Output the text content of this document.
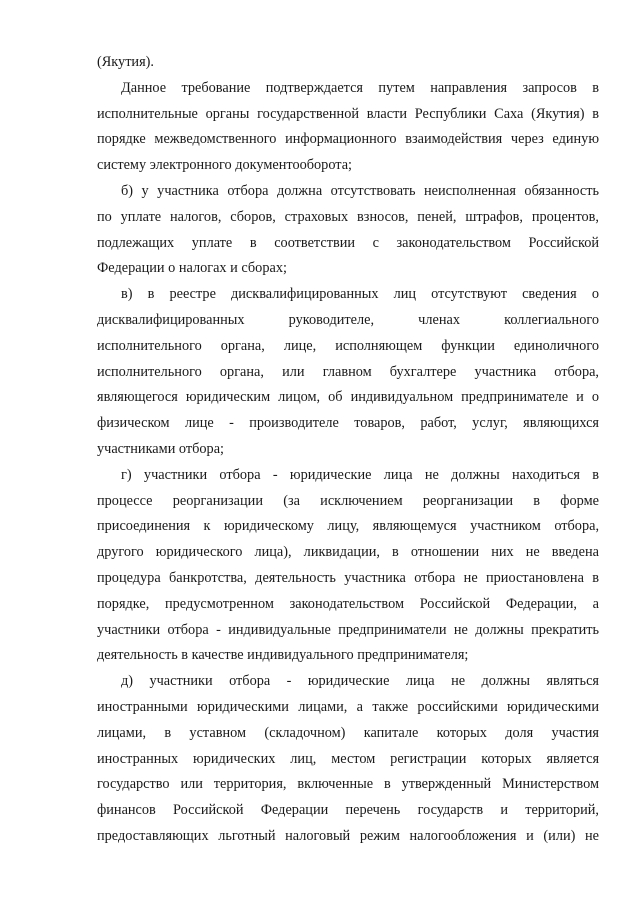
(Якутия).
Данное требование подтверждается путем направления запросов в
исполнительные органы государственной власти Республики Саха (Якутия) в
порядке межведомственного информационного взаимодействия через единую
систему электронного документооборота;
б) у участника отбора должна отсутствовать неисполненная обязанность
по уплате налогов, сборов, страховых взносов, пеней, штрафов, процентов,
подлежащих уплате в соответствии с законодательством Российской
Федерации о налогах и сборах;
в) в реестре дисквалифицированных лиц отсутствуют сведения о
дисквалифицированных руководителе, членах коллегиального
исполнительного органа, лице, исполняющем функции единоличного
исполнительного органа, или главном бухгалтере участника отбора,
являющегося юридическим лицом, об индивидуальном предпринимателе и о
физическом лице - производителе товаров, работ, услуг, являющихся
участниками отбора;
г) участники отбора - юридические лица не должны находиться в
процессе реорганизации (за исключением реорганизации в форме
присоединения к юридическому лицу, являющемуся участником отбора,
другого юридического лица), ликвидации, в отношении них не введена
процедура банкротства, деятельность участника отбора не приостановлена в
порядке, предусмотренном законодательством Российской Федерации, а
участники отбора - индивидуальные предприниматели не должны прекратить
деятельность в качестве индивидуального предпринимателя;
д) участники отбора - юридические лица не должны являться
иностранными юридическими лицами, а также российскими юридическими
лицами, в уставном (складочном) капитале которых доля участия
иностранных юридических лиц, местом регистрации которых является
государство или территория, включенные в утвержденный Министерством
финансов Российской Федерации перечень государств и территорий,
предоставляющих льготный налоговый режим налогообложения и (или) не
